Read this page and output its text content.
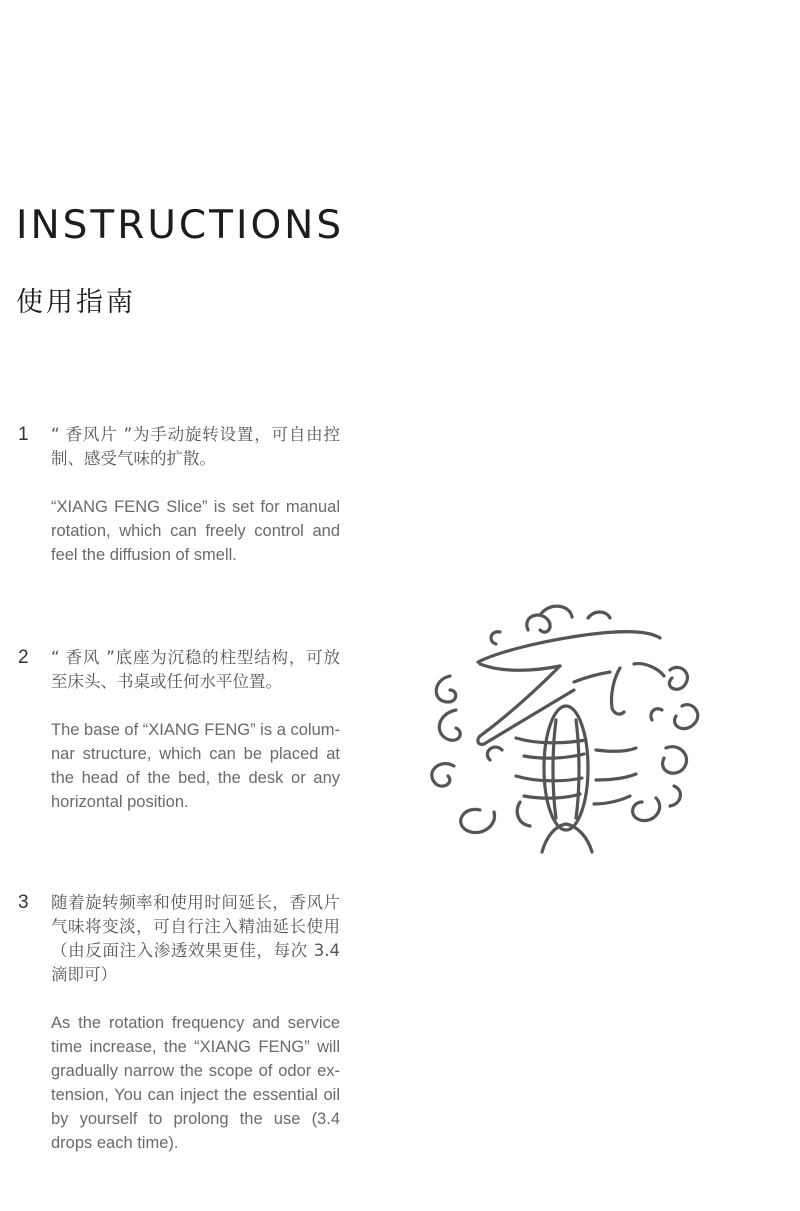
INSTRUCTIONS
使用指南
1 “ 香风片 ”为手动旋转设置，可自由控制、感受气味的扩散。

“XIANG FENG Slice” is set for manual rotation, which can freely control and feel the diffusion of smell.

2 “ 香风 ”底座为沉稳的柱型结构，可放至床头、书桌或任何水平位置。

The base of “XIANG FENG” is a columnar structure, which can be placed at the head of the bed, the desk or any horizontal position.

3 随着旋转频率和使用时间延长，香风片气味将变淡，可自行注入精油延长使用（由反面注入渗透效果更佳，每次 3.4 滴即可）

As the rotation frequency and service time increase, the “XIANG FENG” will gradually narrow the scope of odor extension, You can inject the essential oil by yourself to prolong the use (3.4 drops each time).
